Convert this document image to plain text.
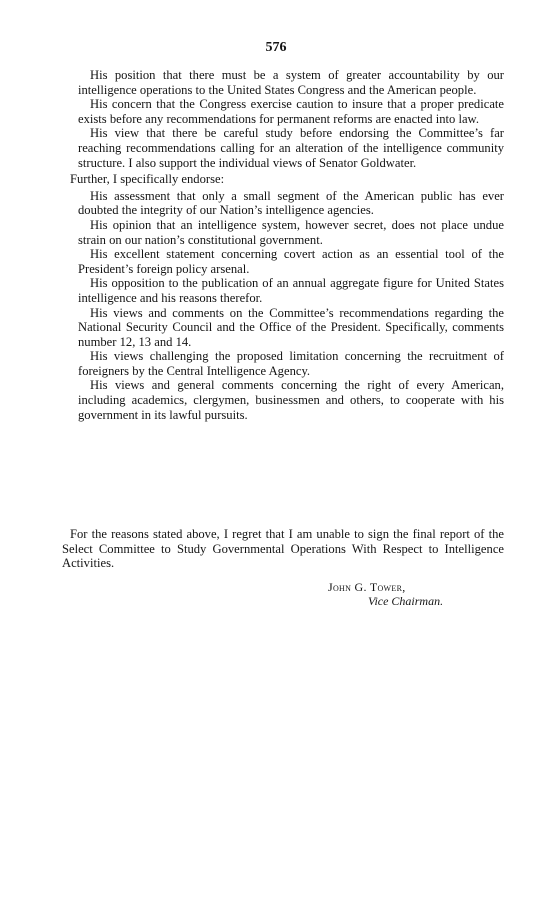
576
His position that there must be a system of greater accountability by our intelligence operations to the United States Congress and the American people.
His concern that the Congress exercise caution to insure that a proper predicate exists before any recommendations for permanent reforms are enacted into law.
His view that there be careful study before endorsing the Committee’s far reaching recommendations calling for an alteration of the intelligence community structure. I also support the individual views of Senator Goldwater.
Further, I specifically endorse:
His assessment that only a small segment of the American public has ever doubted the integrity of our Nation’s intelligence agencies.
His opinion that an intelligence system, however secret, does not place undue strain on our nation’s constitutional government.
His excellent statement concerning covert action as an essential tool of the President’s foreign policy arsenal.
His opposition to the publication of an annual aggregate figure for United States intelligence and his reasons therefor.
His views and comments on the Committee’s recommendations regarding the National Security Council and the Office of the President. Specifically, comments number 12, 13 and 14.
His views challenging the proposed limitation concerning the recruitment of foreigners by the Central Intelligence Agency.
His views and general comments concerning the right of every American, including academics, clergymen, businessmen and others, to cooperate with his government in its lawful pursuits.
For the reasons stated above, I regret that I am unable to sign the final report of the Select Committee to Study Governmental Operations With Respect to Intelligence Activities.
John G. Tower,
Vice Chairman.
